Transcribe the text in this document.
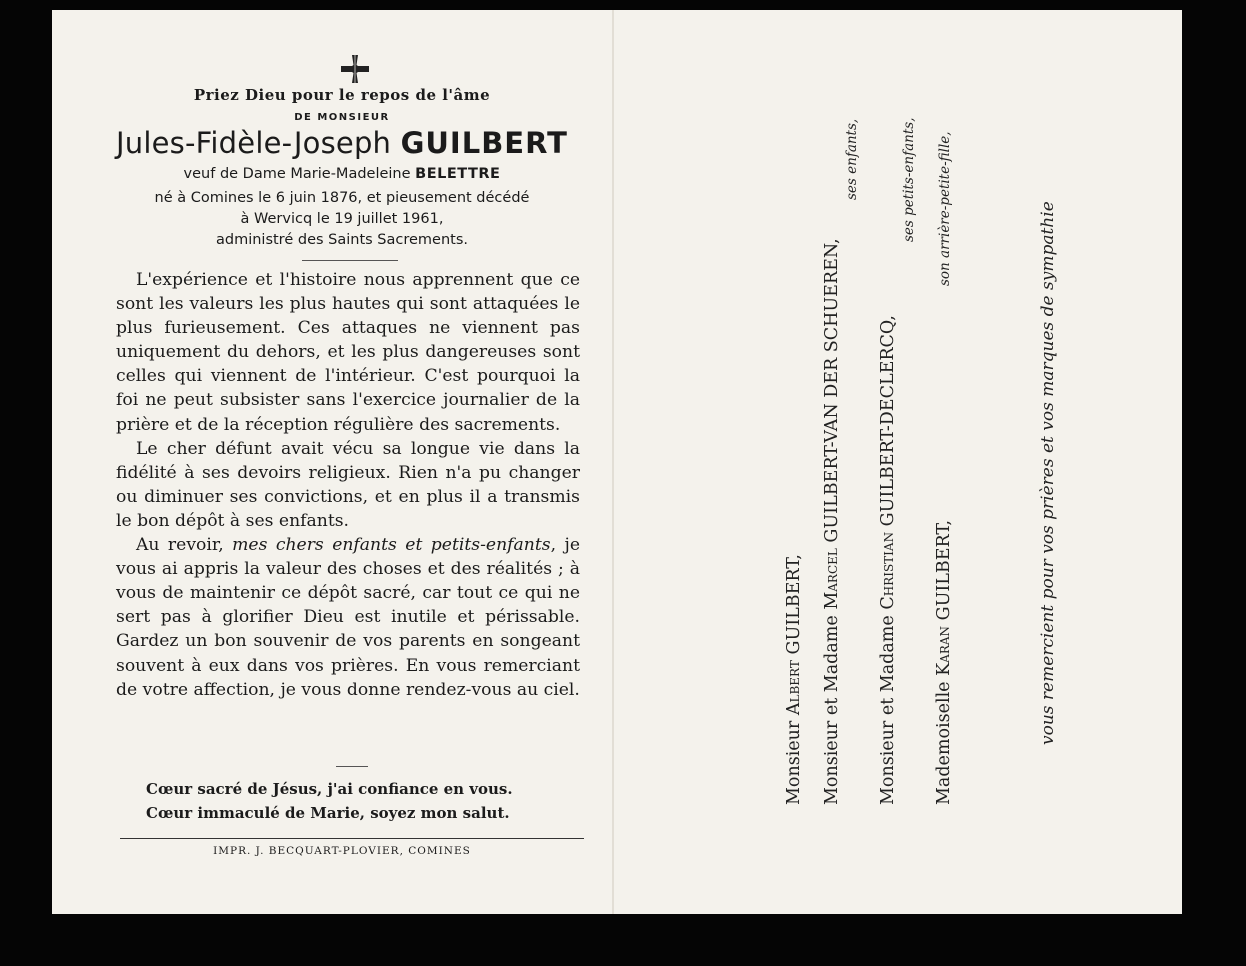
Priez Dieu pour le repos de l'âme
DE MONSIEUR
Jules-Fidèle-Joseph GUILBERT
veuf de Dame Marie-Madeleine BELETTRE
né à Comines le 6 juin 1876, et pieusement décédé
à Wervicq le 19 juillet 1961,
administré des Saints Sacrements.

L'expérience et l'histoire nous apprennent que ce sont les valeurs les plus hautes qui sont attaquées le plus furieusement. Ces attaques ne viennent pas uniquement du dehors, et les plus dangereuses sont celles qui viennent de l'intérieur. C'est pourquoi la foi ne peut subsister sans l'exercice journalier de la prière et de la réception régulière des sacrements.

Le cher défunt avait vécu sa longue vie dans la fidélité à ses devoirs religieux. Rien n'a pu changer ou diminuer ses convictions, et en plus il a transmis le bon dépôt à ses enfants.

Au revoir, mes chers enfants et petits-enfants, je vous ai appris la valeur des choses et des réalités ; à vous de maintenir ce dépôt sacré, car tout ce qui ne sert pas à glorifier Dieu est inutile et périssable. Gardez un bon souvenir de vos parents en songeant souvent à eux dans vos prières. En vous remerciant de votre affection, je vous donne rendez-vous au ciel.

Cœur sacré de Jésus, j'ai confiance en vous.
Cœur immaculé de Marie, soyez mon salut.
IMPR. J. BECQUART-PLOVIER, COMINES
Monsieur Albert GUILBERT,
Monsieur et Madame Marcel GUILBERT-VAN DER SCHUEREN,
ses enfants,
Monsieur et Madame Christian GUILBERT-DECLERCQ,
ses petits-enfants,
Mademoiselle Karan GUILBERT,
son arrière-petite-fille,	vous remercient pour vos prières et vos marques de sympathie
